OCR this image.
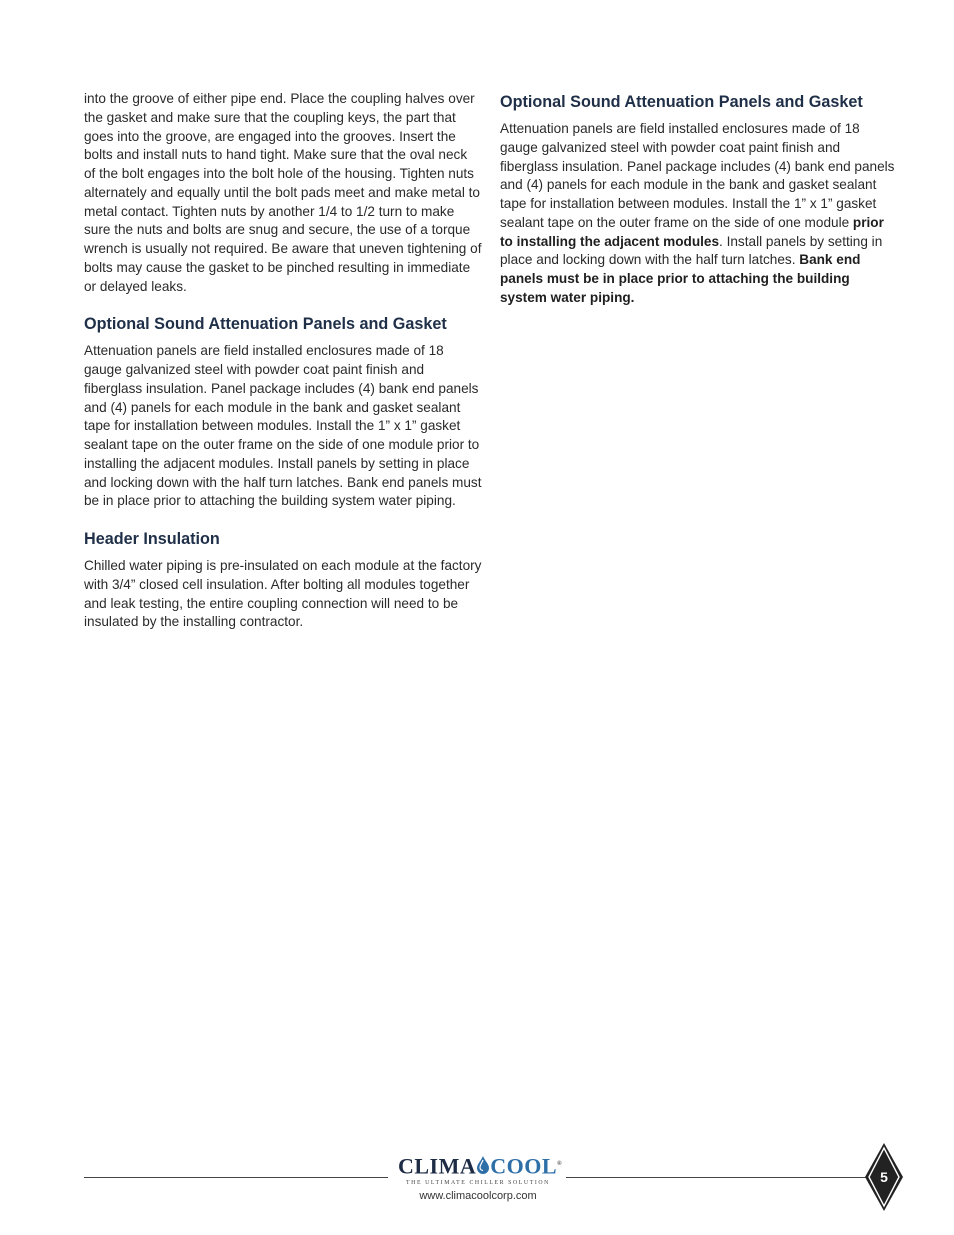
into the groove of either pipe end. Place the coupling halves over the gasket and make sure that the coupling keys, the part that goes into the groove, are engaged into the grooves. Insert the bolts and install nuts to hand tight. Make sure that the oval neck of the bolt engages into the bolt hole of the housing. Tighten nuts alternately and equally until the bolt pads meet and make metal to metal contact. Tighten nuts by another 1/4 to 1/2 turn to make sure the nuts and bolts are snug and secure, the use of a torque wrench is usually not required. Be aware that uneven tightening of bolts may cause the gasket to be pinched resulting in immediate or delayed leaks.

Optional Sound Attenuation Panels and Gasket

Attenuation panels are field installed enclosures made of 18 gauge galvanized steel with powder coat paint finish and fiberglass insulation. Panel package includes (4) bank end panels and (4) panels for each module in the bank and gasket sealant tape for installation between modules. Install the 1” x 1” gasket sealant tape on the outer frame on the side of one module prior to installing the adjacent modules. Install panels by setting in place and locking down with the half turn latches. Bank end panels must be in place prior to attaching the building system water piping.

Header Insulation

Chilled water piping is pre-insulated on each module at the factory with 3/4” closed cell insulation. After bolting all modules together and leak testing, the entire coupling connection will need to be insulated by the installing contractor.

Optional Sound Attenuation Panels and Gasket

Attenuation panels are field installed enclosures made of 18 gauge galvanized steel with powder coat paint finish and fiberglass insulation. Panel package includes (4) bank end panels and (4) panels for each module in the bank and gasket sealant tape for installation between modules. Install the 1” x 1” gasket sealant tape on the outer frame on the side of one module prior to installing the adjacent modules. Install panels by setting in place and locking down with the half turn latches. Bank end panels must be in place prior to attaching the building system water piping.

CLIMA COOL®
THE ULTIMATE CHILLER SOLUTION
www.climacoolcorp.com
5
